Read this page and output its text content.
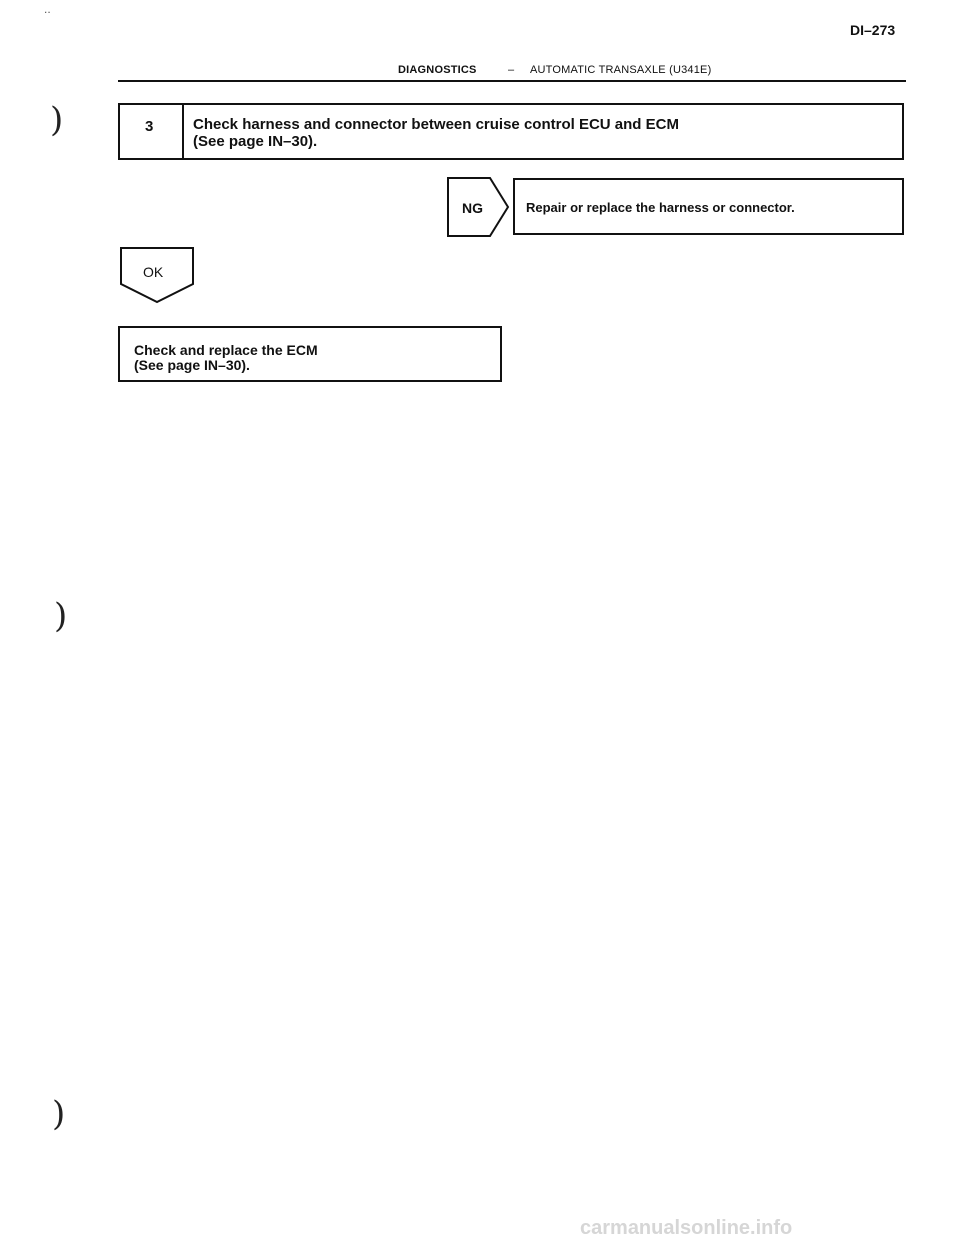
..
)
)
)
DI–273
DIAGNOSTICS	– AUTOMATIC TRANSAXLE (U341E)
3	Check harness and connector between cruise control ECU and ECM
(See page IN–30).
NG	Repair or replace the harness or connector.
OK
Check and replace the ECM
(See page IN–30).
carmanualsonline.info
